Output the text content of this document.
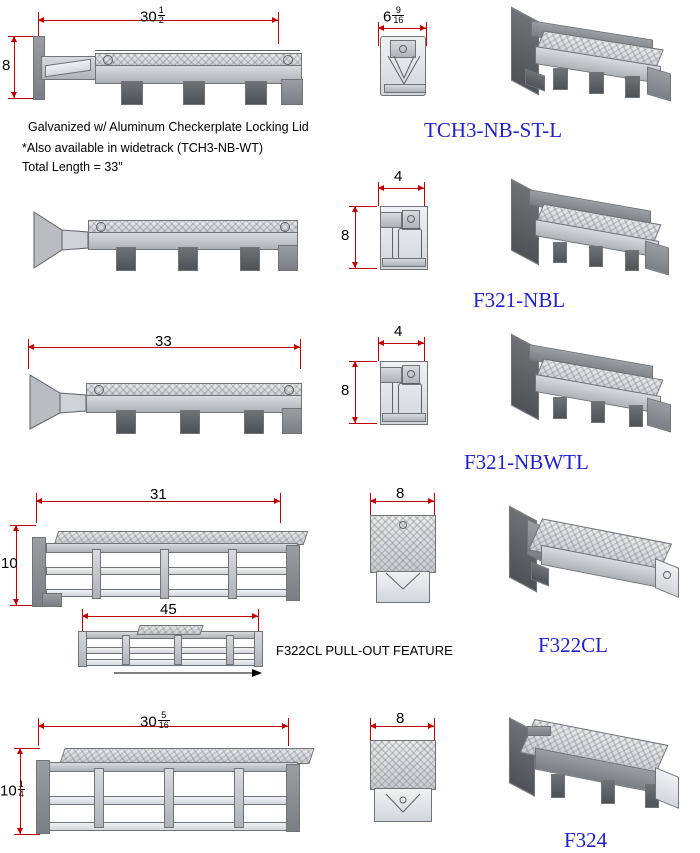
$30 \frac{1}{2}$
8
$6 \frac{9}{16}$
Galvanized w/ Aluminum Checkerplate Locking Lid
*Also available in widetrack (TCH3-NB-WT)
TCH3-NB-ST-L
Total Length = 33"
4
8
F321-NBL
33
4
8
F321-NBWTL
31
10
45
F322CL PULL-OUT FEATURE
8
F322CL
$30 \frac{5}{16}$
$10 \frac{1}{4}$
8
F324
